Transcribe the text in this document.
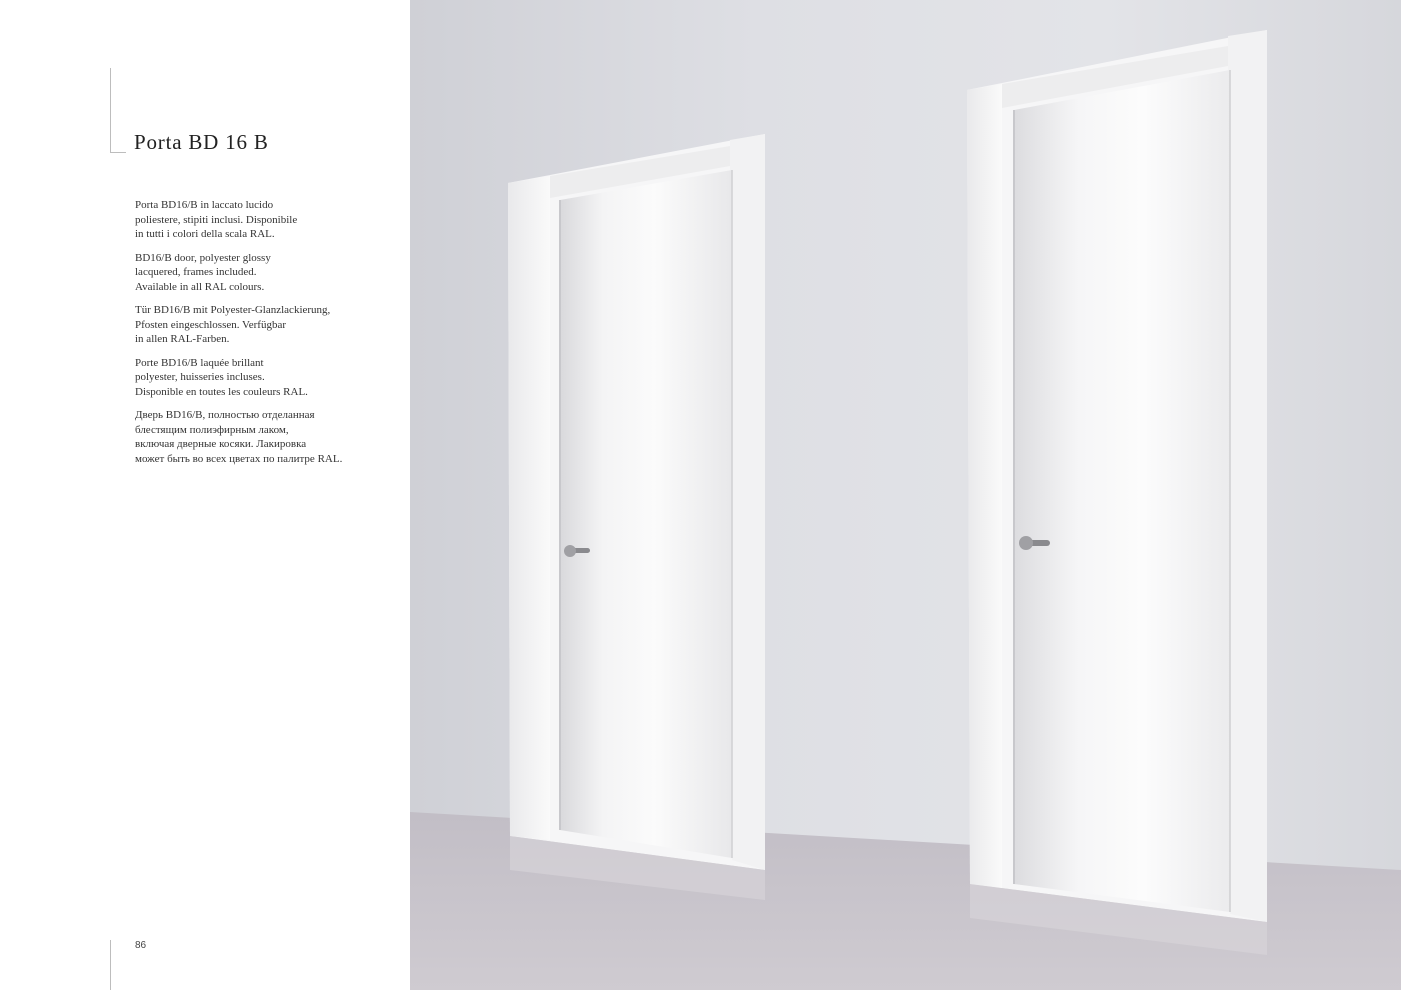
Porta BD 16 B

Porta BD16/B in laccato lucido
poliestere, stipiti inclusi. Disponibile
in tutti i colori della scala RAL.

BD16/B door, polyester glossy
lacquered, frames included.
Available in all RAL colours.

Tür BD16/B mit Polyester-Glanzlackierung,
Pfosten eingeschlossen. Verfügbar
in allen RAL-Farben.

Porte BD16/B laquée brillant
polyester, huisseries incluses.
Disponible en toutes les couleurs RAL.

Дверь BD16/B, полностью отделанная
блестящим полиэфирным лаком,
включая дверные косяки. Лакировка
может быть во всех цветах по палитре RAL.

86
